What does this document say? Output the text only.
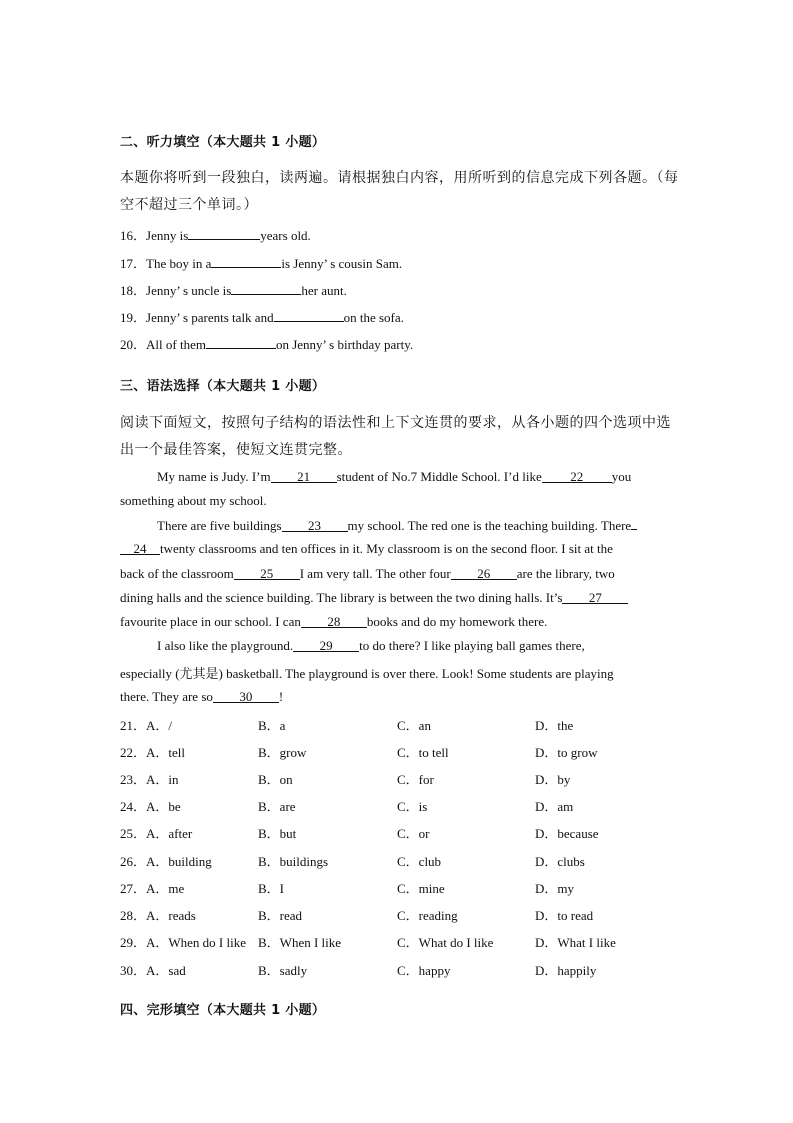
二、听力填空（本大题共 1 小题）
本题你将听到一段独白，读两遍。请根据独白内容，用所听到的信息完成下列各题。（每空不超过三个单词。）
16．Jenny is	years old.
17．The boy in a	is Jenny’ s cousin Sam.
18．Jenny’ s uncle is	her aunt.
19．Jenny’ s parents talk and	on the sofa.
20．All of them	on Jenny’ s birthday party.
三、语法选择（本大题共 1 小题）
阅读下面短文，按照句子结构的语法性和上下文连贯的要求，从各小题的四个选项中选出一个最佳答案，使短文连贯完整。
My name is Judy. I’m 21 student of No.7 Middle School. I’d like 22 you
something about my school.
There are five buildings 23 my school. The red one is the teaching building. There
24 twenty classrooms and ten offices in it. My classroom is on the second floor. I sit at the
back of the classroom 25 I am very tall. The other four 26 are the library, two
dining halls and the science building. The library is between the two dining halls. It’s 27
favourite place in our school. I can 28 books and do my homework there.
I also like the playground. 29 to do there? I like playing ball games there,
especially (尤其是) basketball. The playground is over there. Look! Some students are playing
there. They are so 30 !
21． A．/	B．a	C．an	D．the
22． A．tell	B．grow	C．to tell	D．to grow
23． A．in	B．on	C．for	D．by
24． A．be	B．are	C．is	D．am
25． A．after	B．but	C．or	D．because
26． A．building	B．buildings	C．club	D．clubs
27． A．me	B．I	C．mine	D．my
28． A．reads	B．read	C．reading	D．to read
29． A．When do I like B．When I like	C．What do I like	D．What I like
30． A．sad	B．sadly	C．happy	D．happily
四、完形填空（本大题共 1 小题）
